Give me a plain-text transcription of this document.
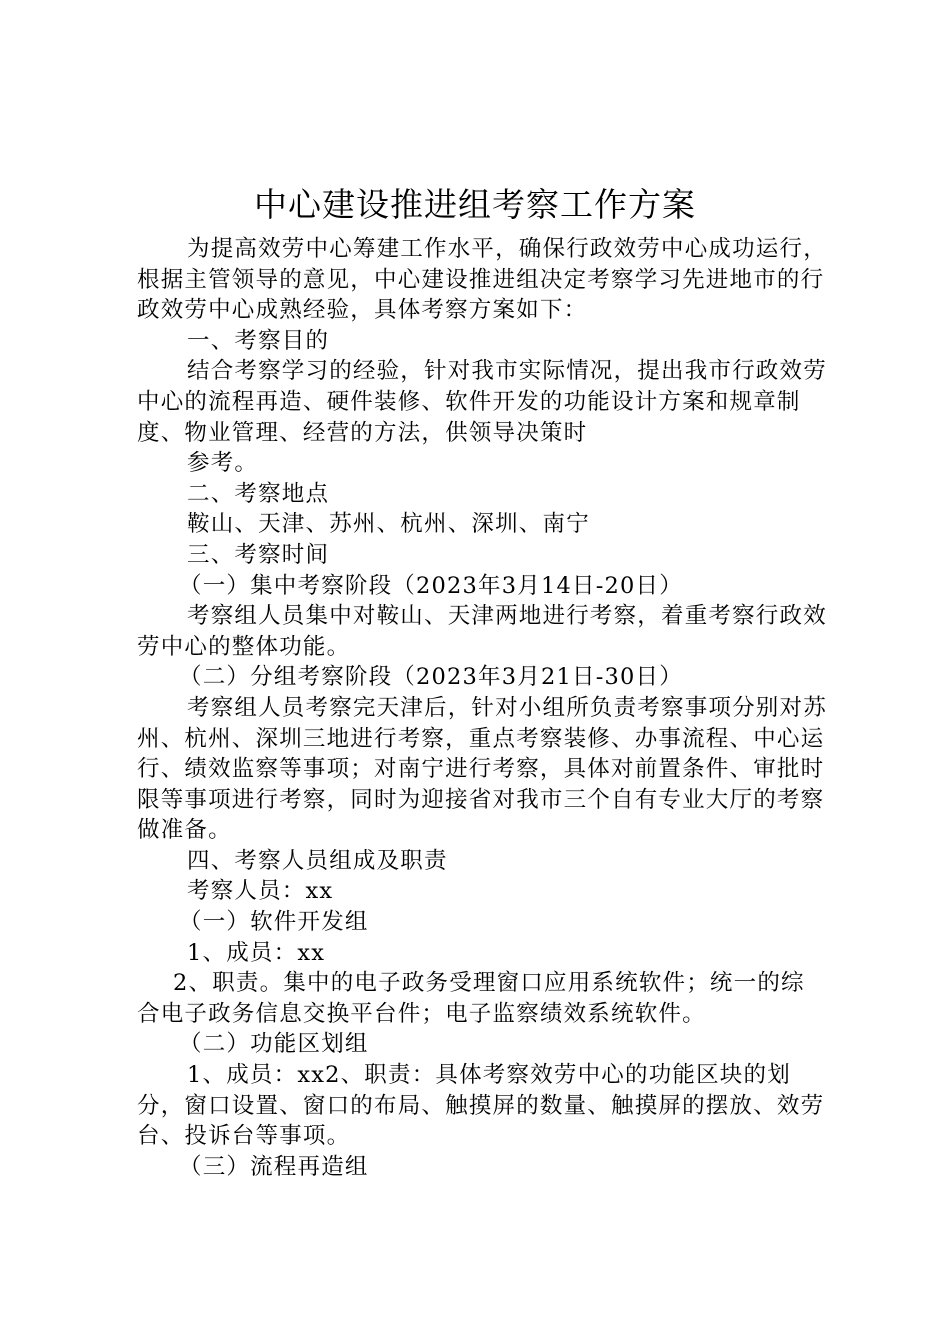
中心建设推进组考察工作方案

为提高效劳中心筹建工作水平，确保行政效劳中心成功运行，根据主管领导的意见，中心建设推进组决定考察学习先进地市的行政效劳中心成熟经验，具体考察方案如下：

一、考察目的

结合考察学习的经验，针对我市实际情况，提出我市行政效劳中心的流程再造、硬件装修、软件开发的功能设计方案和规章制度、物业管理、经营的方法，供领导决策时

参考。

二、考察地点

鞍山、天津、苏州、杭州、深圳、南宁

三、考察时间

（一）集中考察阶段（2023年3月14日-20日）

考察组人员集中对鞍山、天津两地进行考察，着重考察行政效劳中心的整体功能。

（二）分组考察阶段（2023年3月21日-30日）

考察组人员考察完天津后，针对小组所负责考察事项分别对苏州、杭州、深圳三地进行考察，重点考察装修、办事流程、中心运行、绩效监察等事项；对南宁进行考察，具体对前置条件、审批时限等事项进行考察，同时为迎接省对我市三个自有专业大厅的考察做准备。

四、考察人员组成及职责

考察人员：xx

（一）软件开发组

1、成员：xx

2、职责。集中的电子政务受理窗口应用系统软件；统一的综合电子政务信息交换平台件；电子监察绩效系统软件。

（二）功能区划组

1、成员：xx2、职责：具体考察效劳中心的功能区块的划分，窗口设置、窗口的布局、触摸屏的数量、触摸屏的摆放、效劳台、投诉台等事项。

（三）流程再造组
